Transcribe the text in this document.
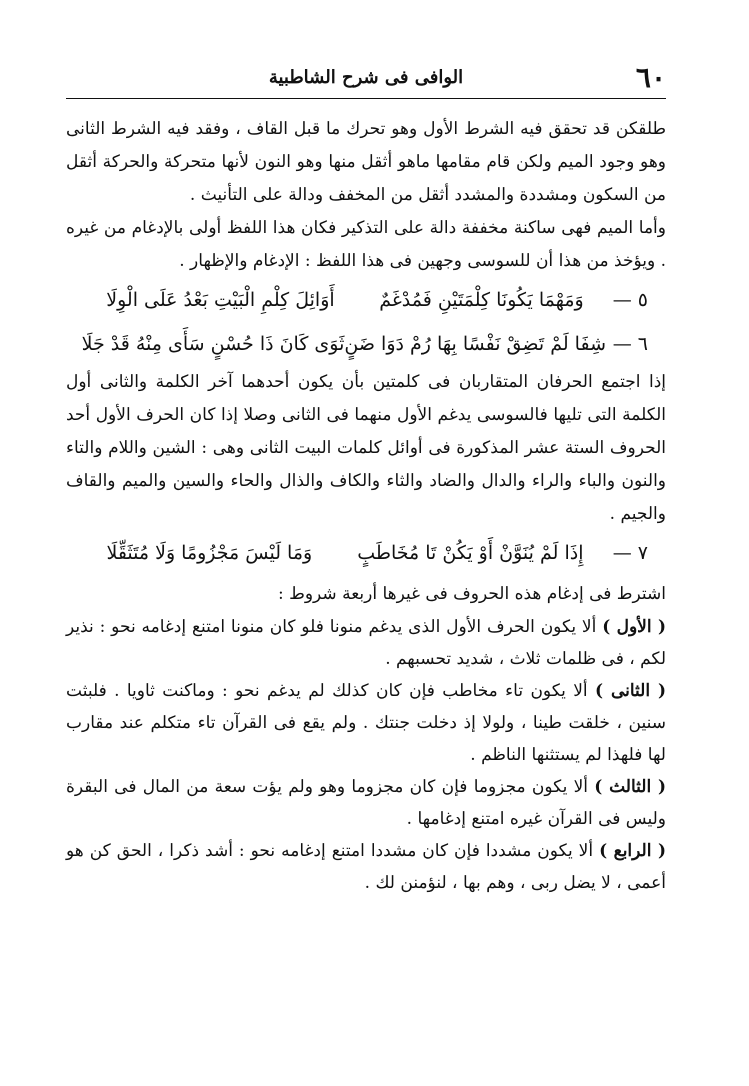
٦٠
الوافى فى شرح الشاطبية

طلقكن قد تحقق فيه الشرط الأول وهو تحرك ما قبل القاف ، وفقد فيه الشرط الثانى وهو وجود الميم ولكن قام مقامها ماهو أثقل منها وهو النون لأنها متحركة والحركة أثقل من السكون ومشددة والمشدد أثقل من المخفف ودالة على التأنيث .

وأما الميم فهى ساكنة مخففة دالة على التذكير فكان هذا اللفظ أولى بالإدغام من غيره . ويؤخذ من هذا أن للسوسى وجهين فى هذا اللفظ : الإدغام والإظهار .

٥ —
وَمَهْمَا يَكُونَا كِلْمَتَيْنِ فَمُدْغَمٌ
أَوَائِلَ كِلْمِ الْبَيْتِ بَعْدُ عَلَى الْوِلَا
٦ —
شِفَا لَمْ تَضِقْ نَفْسًا بِهَا رُمْ دَوَا ضَنٍ
ثَوَى كَانَ ذَا حُسْنٍ سَأَى مِنْهُ قَدْ جَلَا

إذا اجتمع الحرفان المتقاربان فى كلمتين بأن يكون أحدهما آخر الكلمة والثانى أول الكلمة التى تليها فالسوسى يدغم الأول منهما فى الثانى وصلا إذا كان الحرف الأول أحد الحروف الستة عشر المذكورة فى أوائل كلمات البيت الثانى وهى : الشين واللام والتاء والنون والباء والراء والدال والضاد والثاء والكاف والذال والحاء والسين والميم والقاف والجيم .

٧ —
إِذَا لَمْ يُنَوَّنْ أَوْ يَكُنْ تَا مُخَاطَبٍ
وَمَا لَيْسَ مَجْزُومًا وَلَا مُتَثَقِّلَا

اشترط فى إدغام هذه الحروف فى غيرها أربعة شروط :

( الأول ) ألا يكون الحرف الأول الذى يدغم منونا فلو كان منونا امتنع إدغامه نحو : نذير لكم ، فى ظلمات ثلاث ، شديد تحسبهم .

( الثانى ) ألا يكون تاء مخاطب فإن كان كذلك لم يدغم نحو : وماكنت ثاويا . فلبثت سنين ، خلقت طينا ، ولولا إذ دخلت جنتك . ولم يقع فى القرآن تاء متكلم عند مقارب لها فلهذا لم يستثنها الناظم .

( الثالث ) ألا يكون مجزوما فإن كان مجزوما وهو ولم يؤت سعة من المال فى البقرة وليس فى القرآن غيره امتنع إدغامها .

( الرابع ) ألا يكون مشددا فإن كان مشددا امتنع إدغامه نحو : أشد ذكرا ، الحق كن هو أعمى ، لا يضل ربى ، وهم بها ، لنؤمنن لك .
